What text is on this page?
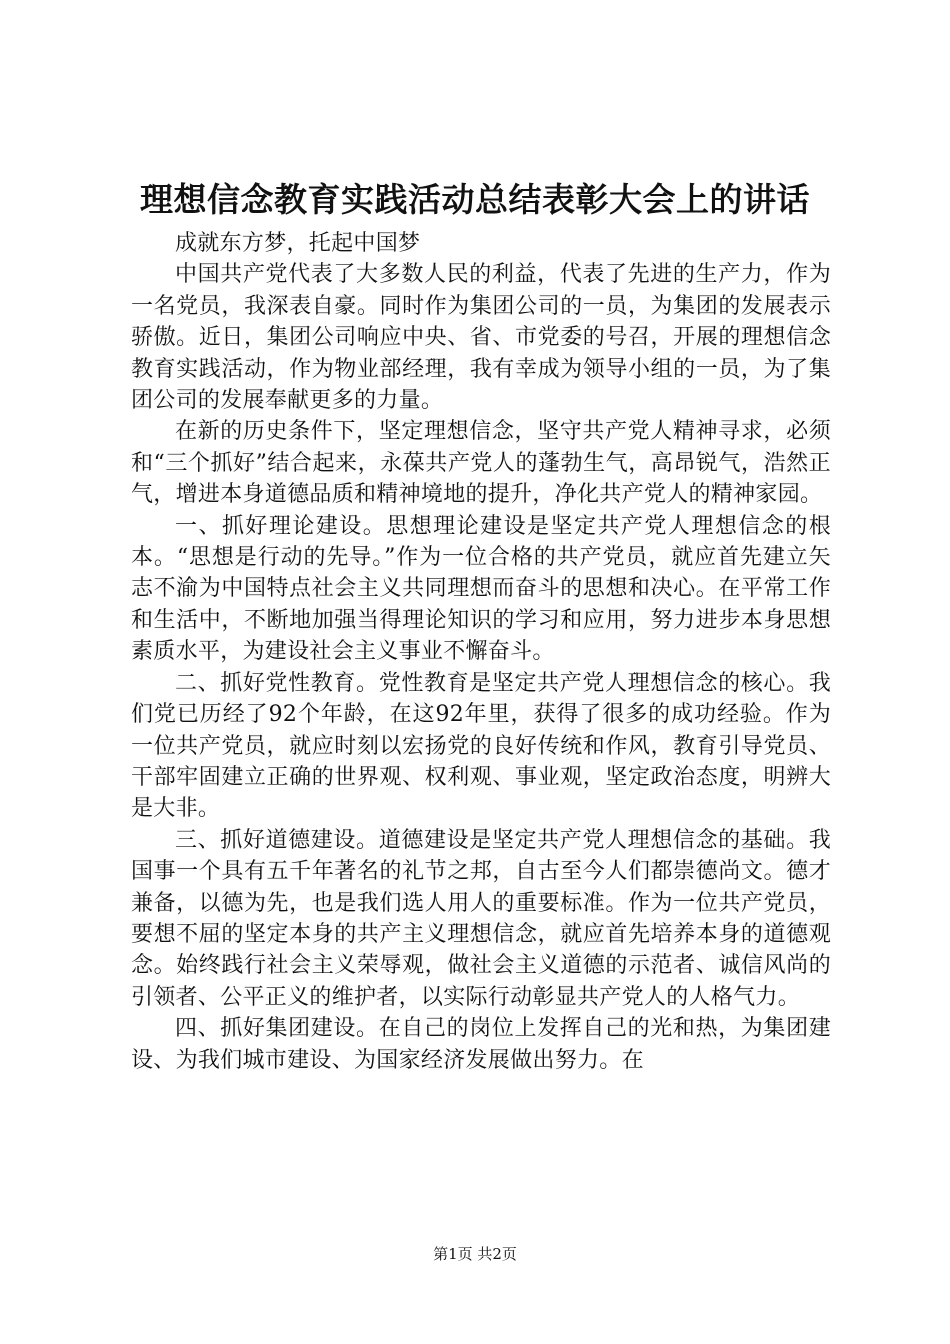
理想信念教育实践活动总结表彰大会上的讲话

成就东方梦，托起中国梦

中国共产党代表了大多数人民的利益，代表了先进的生产力，作为一名党员，我深表自豪。同时作为集团公司的一员，为集团的发展表示骄傲。近日，集团公司响应中央、省、市党委的号召，开展的理想信念教育实践活动，作为物业部经理，我有幸成为领导小组的一员，为了集团公司的发展奉献更多的力量。

在新的历史条件下，坚定理想信念，坚守共产党人精神寻求，必须和“三个抓好”结合起来，永葆共产党人的蓬勃生气，高昂锐气，浩然正气，增进本身道德品质和精神境地的提升，净化共产党人的精神家园。

一、抓好理论建设。思想理论建设是坚定共产党人理想信念的根本。“思想是行动的先导。”作为一位合格的共产党员，就应首先建立矢志不渝为中国特点社会主义共同理想而奋斗的思想和决心。在平常工作和生活中，不断地加强当得理论知识的学习和应用，努力进步本身思想素质水平，为建设社会主义事业不懈奋斗。

二、抓好党性教育。党性教育是坚定共产党人理想信念的核心。我们党已历经了92个年龄，在这92年里，获得了很多的成功经验。作为一位共产党员，就应时刻以宏扬党的良好传统和作风，教育引导党员、干部牢固建立正确的世界观、权利观、事业观，坚定政治态度，明辨大是大非。

三、抓好道德建设。道德建设是坚定共产党人理想信念的基础。我国事一个具有五千年著名的礼节之邦，自古至今人们都崇德尚文。德才兼备，以德为先，也是我们选人用人的重要标准。作为一位共产党员，要想不屈的坚定本身的共产主义理想信念，就应首先培养本身的道德观念。始终践行社会主义荣辱观，做社会主义道德的示范者、诚信风尚的引领者、公平正义的维护者，以实际行动彰显共产党人的人格气力。

四、抓好集团建设。在自己的岗位上发挥自己的光和热，为集团建设、为我们城市建设、为国家经济发展做出努力。在

第1页 共2页
